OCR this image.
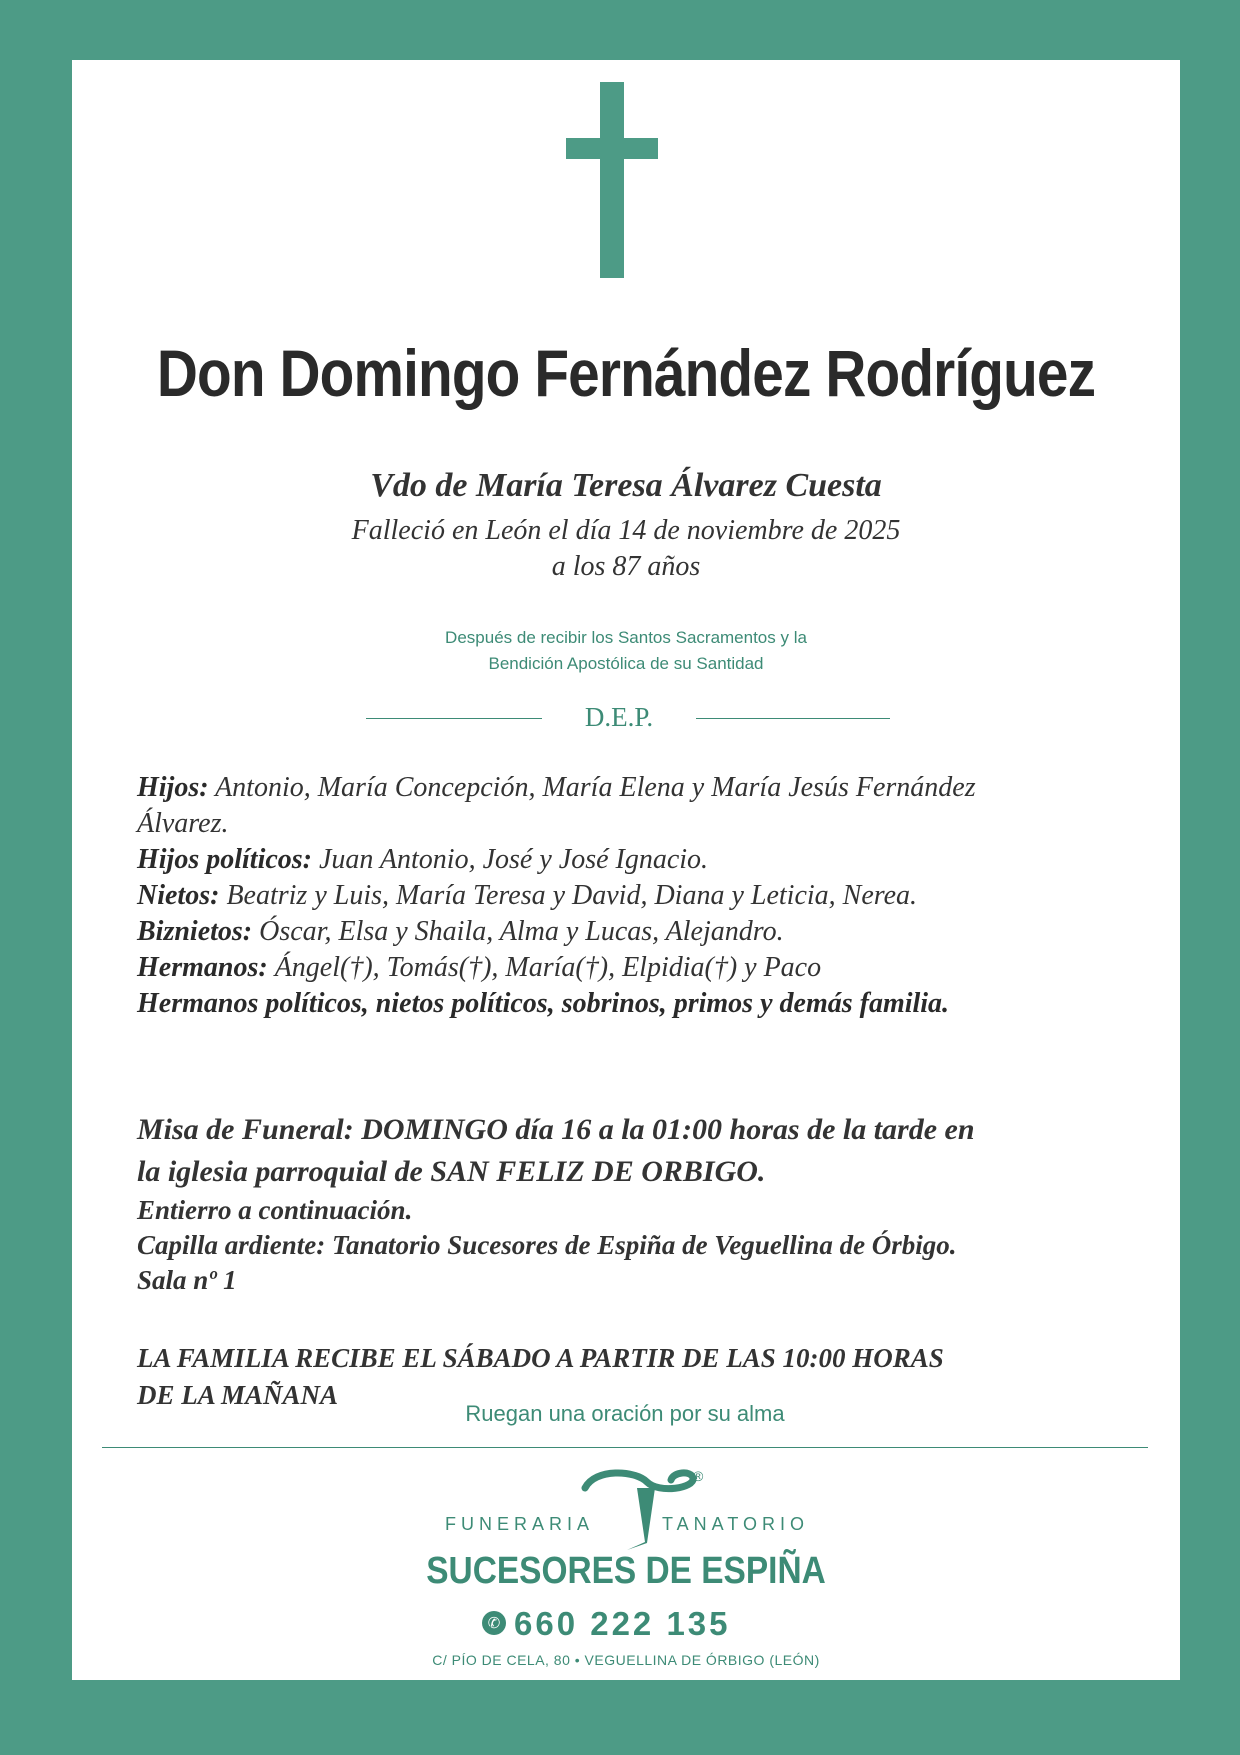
Don Domingo Fernández Rodríguez
Vdo de María Teresa Álvarez Cuesta
Falleció en León el día 14 de noviembre de 2025
a los 87 años
Después de recibir los Santos Sacramentos y la
Bendición Apostólica de su Santidad
D.E.P.
Hijos: Antonio, María Concepción, María Elena y María Jesús Fernández
Álvarez.
Hijos políticos: Juan Antonio, José y José Ignacio.
Nietos: Beatriz y Luis, María Teresa y David, Diana y Leticia, Nerea.
Biznietos: Óscar, Elsa y Shaila, Alma y Lucas, Alejandro.
Hermanos: Ángel(†), Tomás(†), María(†), Elpidia(†) y Paco
Hermanos políticos, nietos políticos, sobrinos, primos y demás familia.
Misa de Funeral: DOMINGO día 16 a la 01:00 horas de la tarde en
la iglesia parroquial de SAN FELIZ DE ORBIGO.
Entierro a continuación.
Capilla ardiente: Tanatorio Sucesores de Espiña de Veguellina de Órbigo.
Sala nº 1
LA FAMILIA RECIBE EL SÁBADO A PARTIR DE LAS 10:00 HORAS
DE LA MAÑANA
Ruegan una oración por su alma
®
FUNERARIA	TANATORIO
SUCESORES DE ESPIÑA
✆ 660 222 135
C/ PÍO DE CELA, 80 • VEGUELLINA DE ÓRBIGO (LEÓN)
